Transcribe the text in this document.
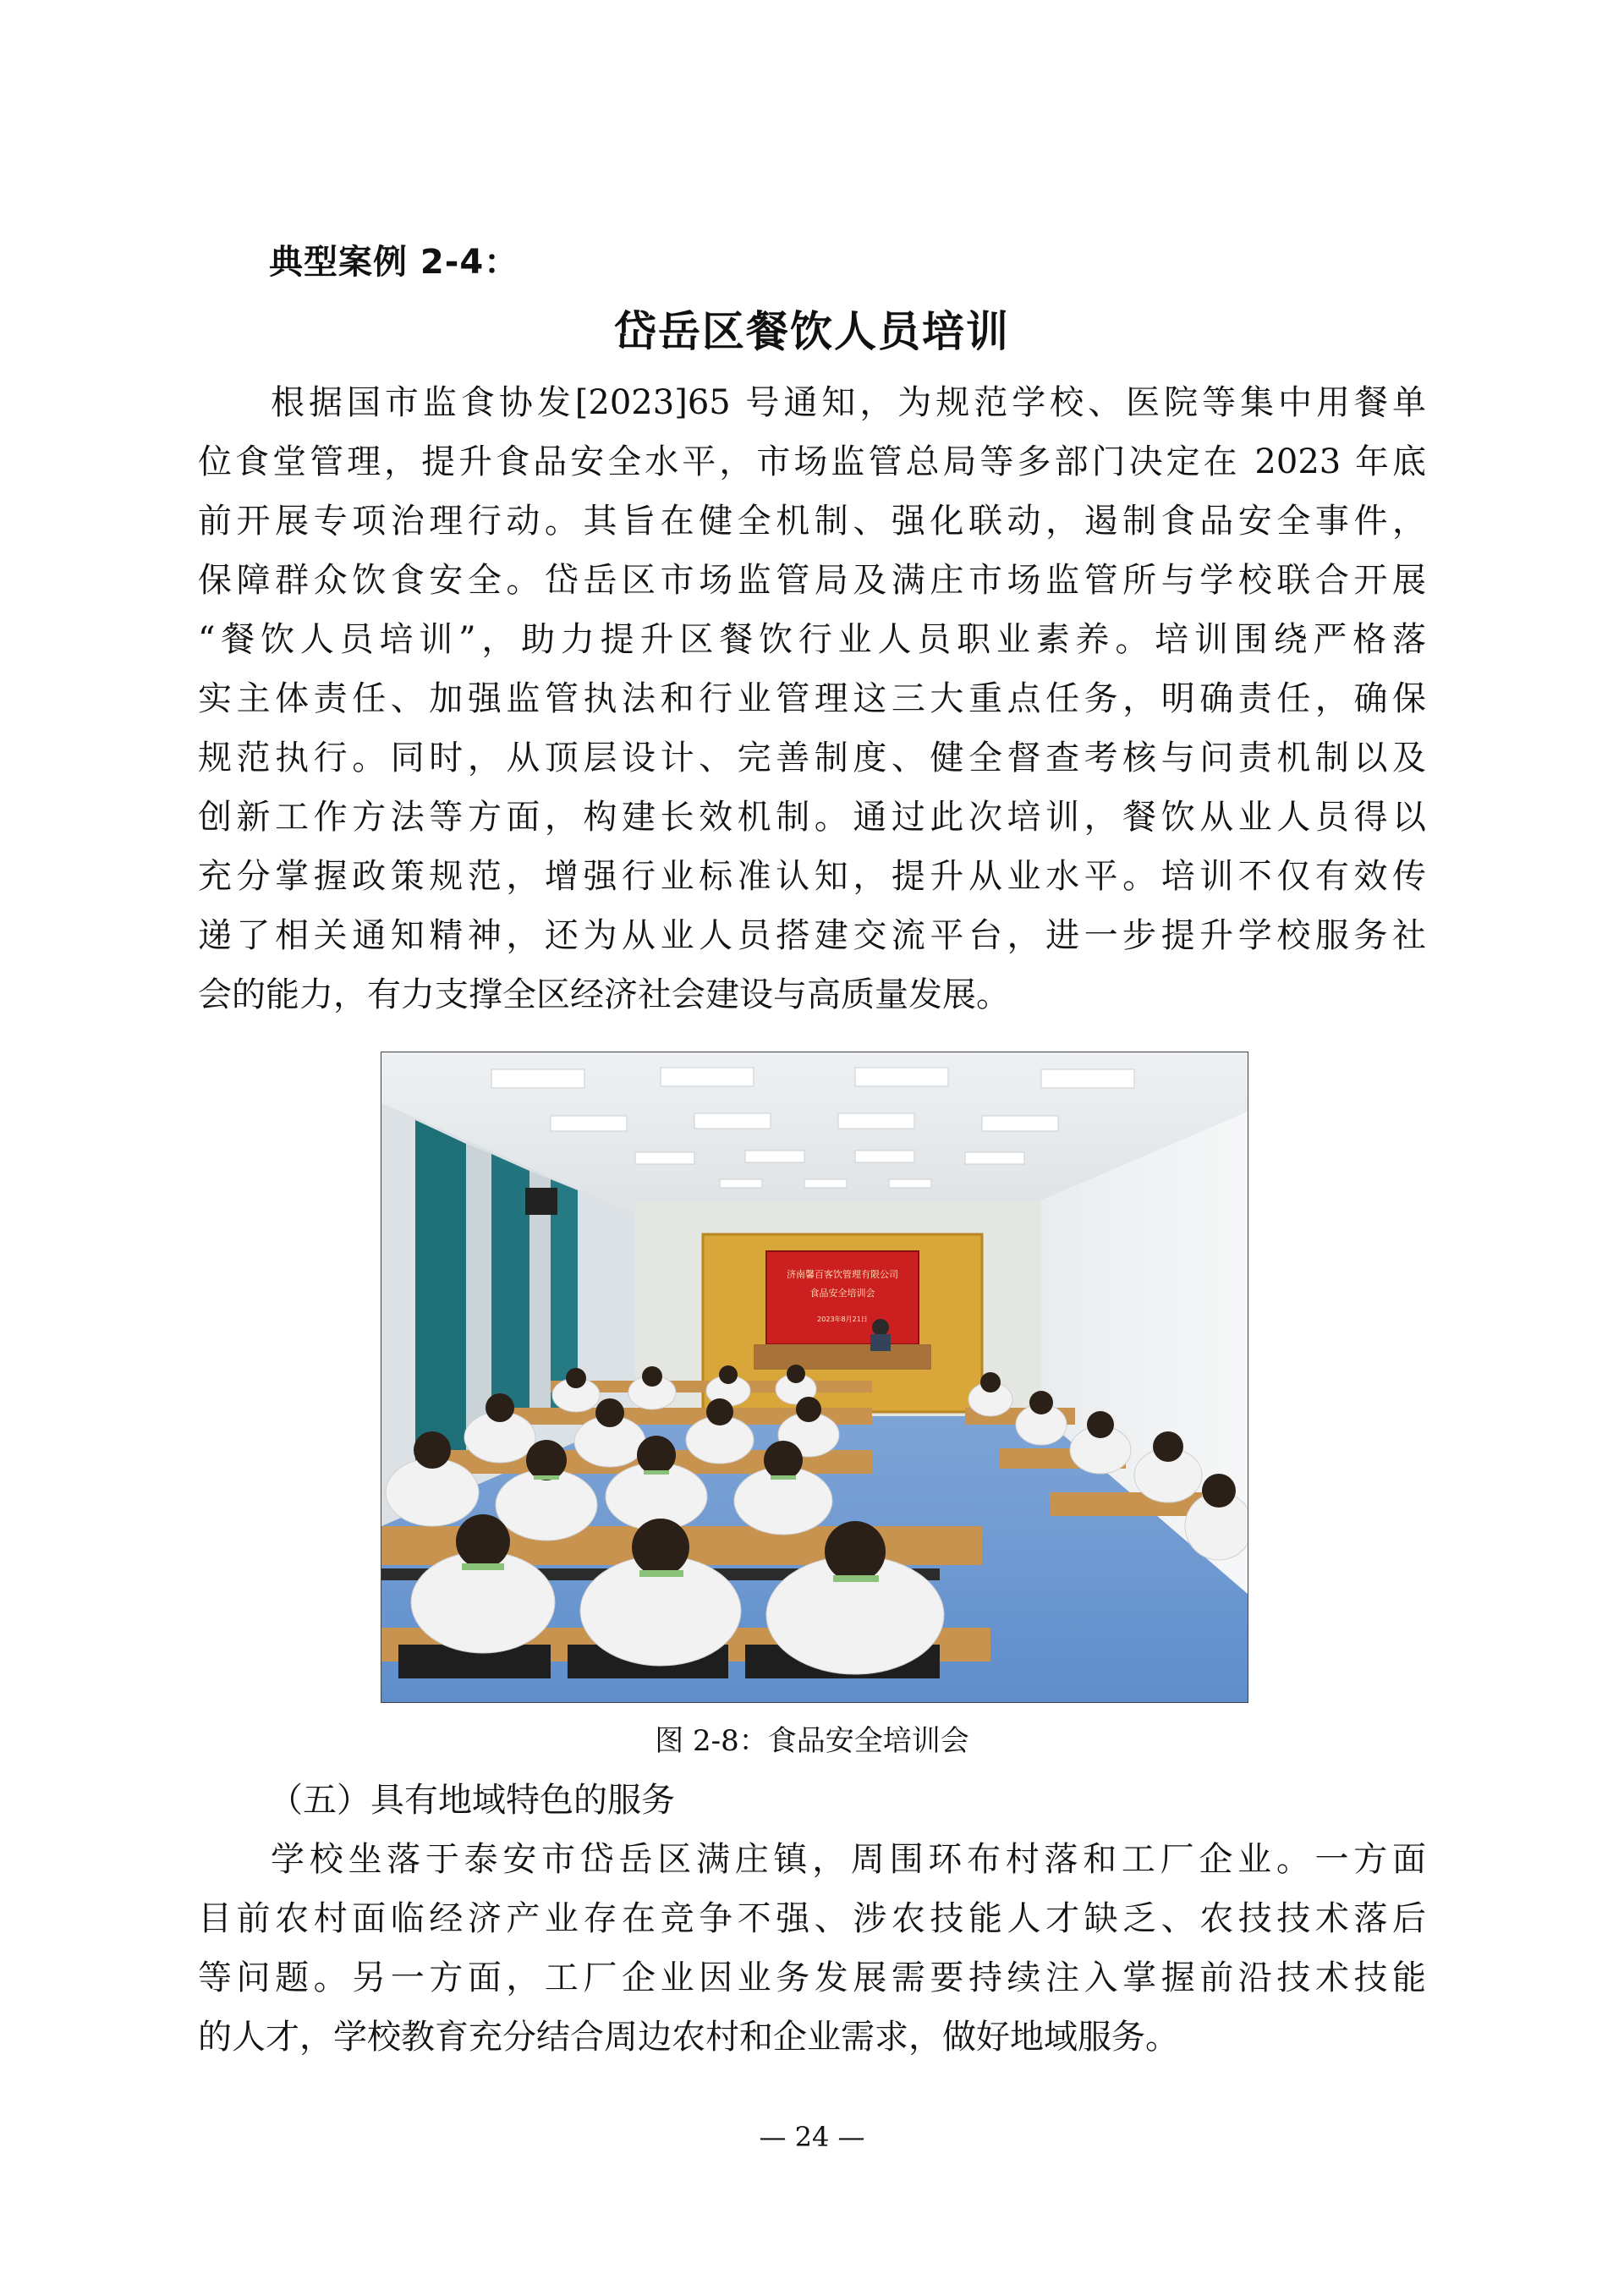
典型案例 2-4：
岱岳区餐饮人员培训
根据国市监食协发[2023]65 号通知，为规范学校、医院等集中用餐单
位食堂管理，提升食品安全水平，市场监管总局等多部门决定在 2023 年底
前开展专项治理行动。其旨在健全机制、强化联动，遏制食品安全事件，
保障群众饮食安全。岱岳区市场监管局及满庄市场监管所与学校联合开展
“餐饮人员培训”，助力提升区餐饮行业人员职业素养。培训围绕严格落
实主体责任、加强监管执法和行业管理这三大重点任务，明确责任，确保
规范执行。同时，从顶层设计、完善制度、健全督查考核与问责机制以及
创新工作方法等方面，构建长效机制。通过此次培训，餐饮从业人员得以
充分掌握政策规范，增强行业标准认知，提升从业水平。培训不仅有效传
递了相关通知精神，还为从业人员搭建交流平台，进一步提升学校服务社
会的能力，有力支撑全区经济社会建设与高质量发展。
济南馨百客饮管理有限公司
食品安全培训会
2023年8月21日
图 2-8：食品安全培训会
（五）具有地域特色的服务
学校坐落于泰安市岱岳区满庄镇，周围环布村落和工厂企业。一方面
目前农村面临经济产业存在竞争不强、涉农技能人才缺乏、农技技术落后
等问题。另一方面，工厂企业因业务发展需要持续注入掌握前沿技术技能
的人才，学校教育充分结合周边农村和企业需求，做好地域服务。
— 24 —
